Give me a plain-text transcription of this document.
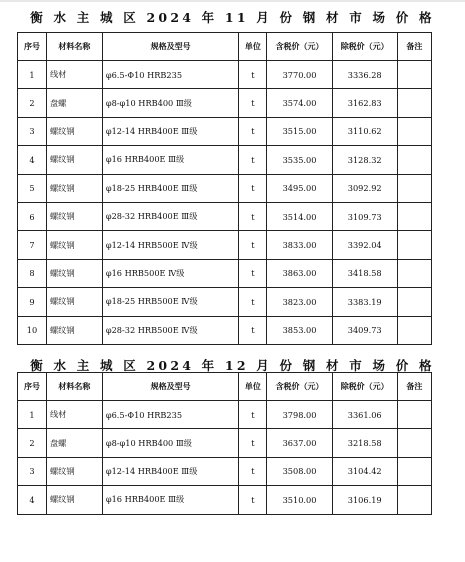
衡 水 主 城 区 2024 年 11 月 份 钢 材 市 场 价 格
序号	材料名称	规格及型号	单位	含税价（元）	除税价（元）	备注
1	线材	φ6.5-Φ10 HRB235	t	3770.00	3336.28	
2	盘螺	φ8-φ10 HRB400 Ⅲ级	t	3574.00	3162.83	
3	螺纹钢	φ12-14 HRB400E Ⅲ级	t	3515.00	3110.62	
4	螺纹钢	φ16 HRB400E Ⅲ级	t	3535.00	3128.32	
5	螺纹钢	φ18-25 HRB400E Ⅲ级	t	3495.00	3092.92	
6	螺纹钢	φ28-32 HRB400E Ⅲ级	t	3514.00	3109.73	
7	螺纹钢	φ12-14 HRB500E Ⅳ级	t	3833.00	3392.04	
8	螺纹钢	φ16 HRB500E Ⅳ级	t	3863.00	3418.58	
9	螺纹钢	φ18-25 HRB500E Ⅳ级	t	3823.00	3383.19	
10	螺纹钢	φ28-32 HRB500E Ⅳ级	t	3853.00	3409.73	
衡 水 主 城 区 2024 年 12 月 份 钢 材 市 场 价 格
序号	材料名称	规格及型号	单位	含税价（元）	除税价（元）	备注
1	线材	φ6.5-Φ10 HRB235	t	3798.00	3361.06	
2	盘螺	φ8-φ10 HRB400 Ⅲ级	t	3637.00	3218.58	
3	螺纹钢	φ12-14 HRB400E Ⅲ级	t	3508.00	3104.42	
4	螺纹钢	φ16 HRB400E Ⅲ级	t	3510.00	3106.19	
